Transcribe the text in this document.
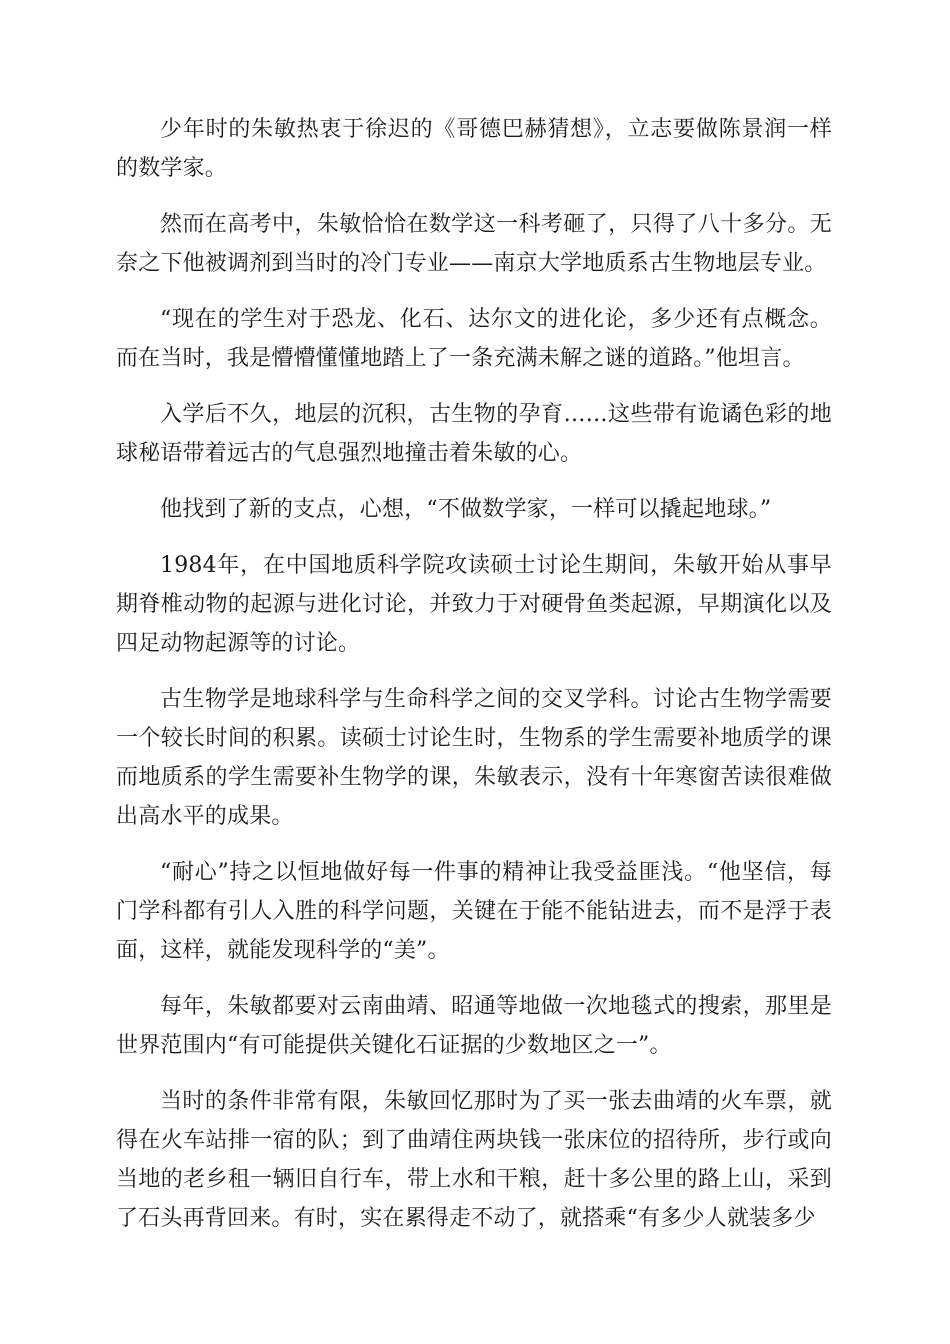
少年时的朱敏热衷于徐迟的《哥德巴赫猜想》，立志要做陈景润一样的数学家。

然而在高考中，朱敏恰恰在数学这一科考砸了，只得了八十多分。无奈之下他被调剂到当时的冷门专业——南京大学地质系古生物地层专业。

“现在的学生对于恐龙、化石、达尔文的进化论，多少还有点概念。而在当时，我是懵懵懂懂地踏上了一条充满未解之谜的道路。”他坦言。

入学后不久，地层的沉积，古生物的孕育……这些带有诡谲色彩的地球秘语带着远古的气息强烈地撞击着朱敏的心。

他找到了新的支点，心想，“不做数学家，一样可以撬起地球。”

1984年，在中国地质科学院攻读硕士讨论生期间，朱敏开始从事早期脊椎动物的起源与进化讨论，并致力于对硬骨鱼类起源，早期演化以及四足动物起源等的讨论。

古生物学是地球科学与生命科学之间的交叉学科。讨论古生物学需要一个较长时间的积累。读硕士讨论生时，生物系的学生需要补地质学的课而地质系的学生需要补生物学的课，朱敏表示，没有十年寒窗苦读很难做出高水平的成果。

“耐心”持之以恒地做好每一件事的精神让我受益匪浅。“他坚信，每门学科都有引人入胜的科学问题，关键在于能不能钻进去，而不是浮于表面，这样，就能发现科学的“美”。

每年，朱敏都要对云南曲靖、昭通等地做一次地毯式的搜索，那里是世界范围内“有可能提供关键化石证据的少数地区之一”。

当时的条件非常有限，朱敏回忆那时为了买一张去曲靖的火车票，就得在火车站排一宿的队；到了曲靖住两块钱一张床位的招待所，步行或向当地的老乡租一辆旧自行车，带上水和干粮，赶十多公里的路上山，采到了石头再背回来。有时，实在累得走不动了，就搭乘“有多少人就装多少
